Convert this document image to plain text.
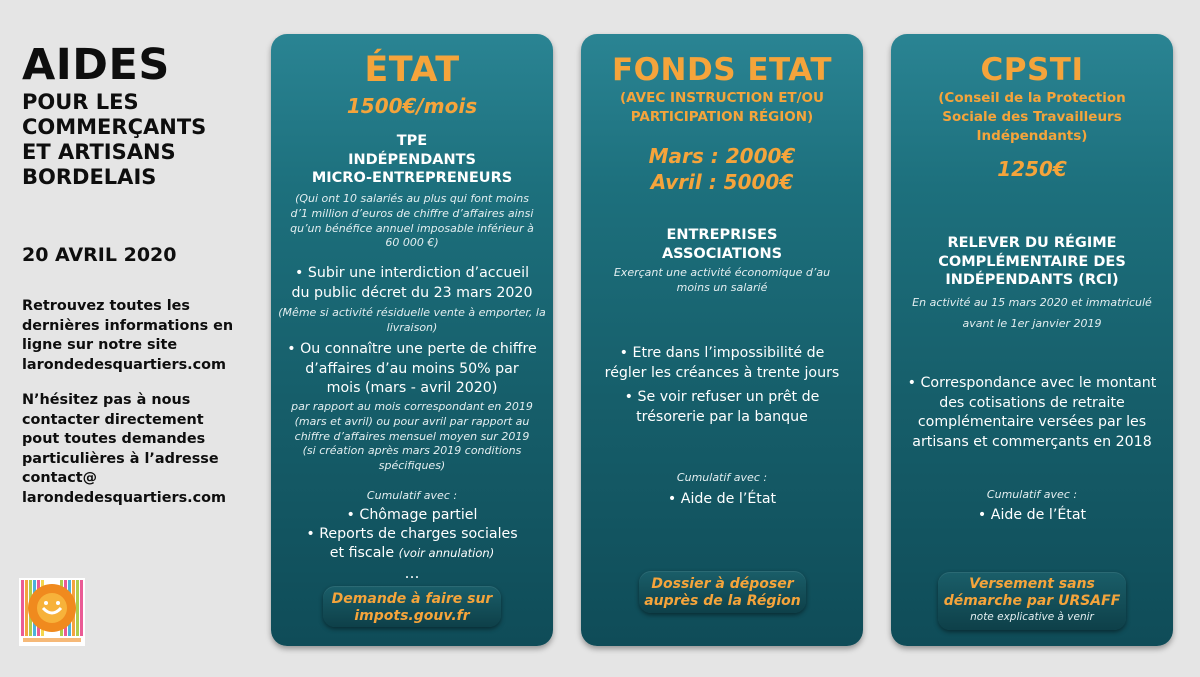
AIDES
POUR LES
COMMERÇANTS
ET ARTISANS
BORDELAIS
20 AVRIL 2020
Retrouvez toutes les
dernières informations en
ligne sur notre site
larondedesquartiers.com
N’hésitez pas à nous
contacter directement
pout toutes demandes
particulières à l’adresse
contact@
larondedesquartiers.com
ÉTAT
1500€/mois
TPE
INDÉPENDANTS
MICRO-ENTREPRENEURS
(Qui ont 10 salariés au plus qui font moins
d’1 million d’euros de chiffre d’affaires ainsi
qu’un bénéfice annuel imposable inférieur à
60 000 €)
• Subir une interdiction d’accueil
du public décret du 23 mars 2020
(Même si activité résiduelle vente à emporter, la
livraison)
• Ou connaître une perte de chiffre
d’affaires d’au moins 50% par
mois (mars - avril 2020)
par rapport au mois correspondant en 2019
(mars et avril) ou pour avril par rapport au
chiffre d’affaires mensuel moyen sur 2019
(si création après mars 2019 conditions
spécifiques)
Cumulatif avec :
• Chômage partiel
• Reports de charges sociales
et fiscale (voir annulation)
…
Demande à faire sur
impots.gouv.fr
FONDS ETAT
(AVEC INSTRUCTION ET/OU
PARTICIPATION RÉGION)
Mars : 2000€
Avril : 5000€
ENTREPRISES
ASSOCIATIONS
Exerçant une activité économique d’au
moins un salarié
• Etre dans l’impossibilité de
régler les créances à trente jours
• Se voir refuser un prêt de
trésorerie par la banque
Cumulatif avec :
• Aide de l’État
Dossier à déposer
auprès de la Région
CPSTI
(Conseil de la Protection
Sociale des Travailleurs
Indépendants)
1250€
RELEVER DU RÉGIME
COMPLÉMENTAIRE DES
INDÉPENDANTS (RCI)
En activité au 15 mars 2020 et immatriculé
avant le 1er janvier 2019
• Correspondance avec le montant
des cotisations de retraite
complémentaire versées par les
artisans et commerçants en 2018
Cumulatif avec :
• Aide de l’État
Versement sans
démarche par URSAFF
note explicative à venir
